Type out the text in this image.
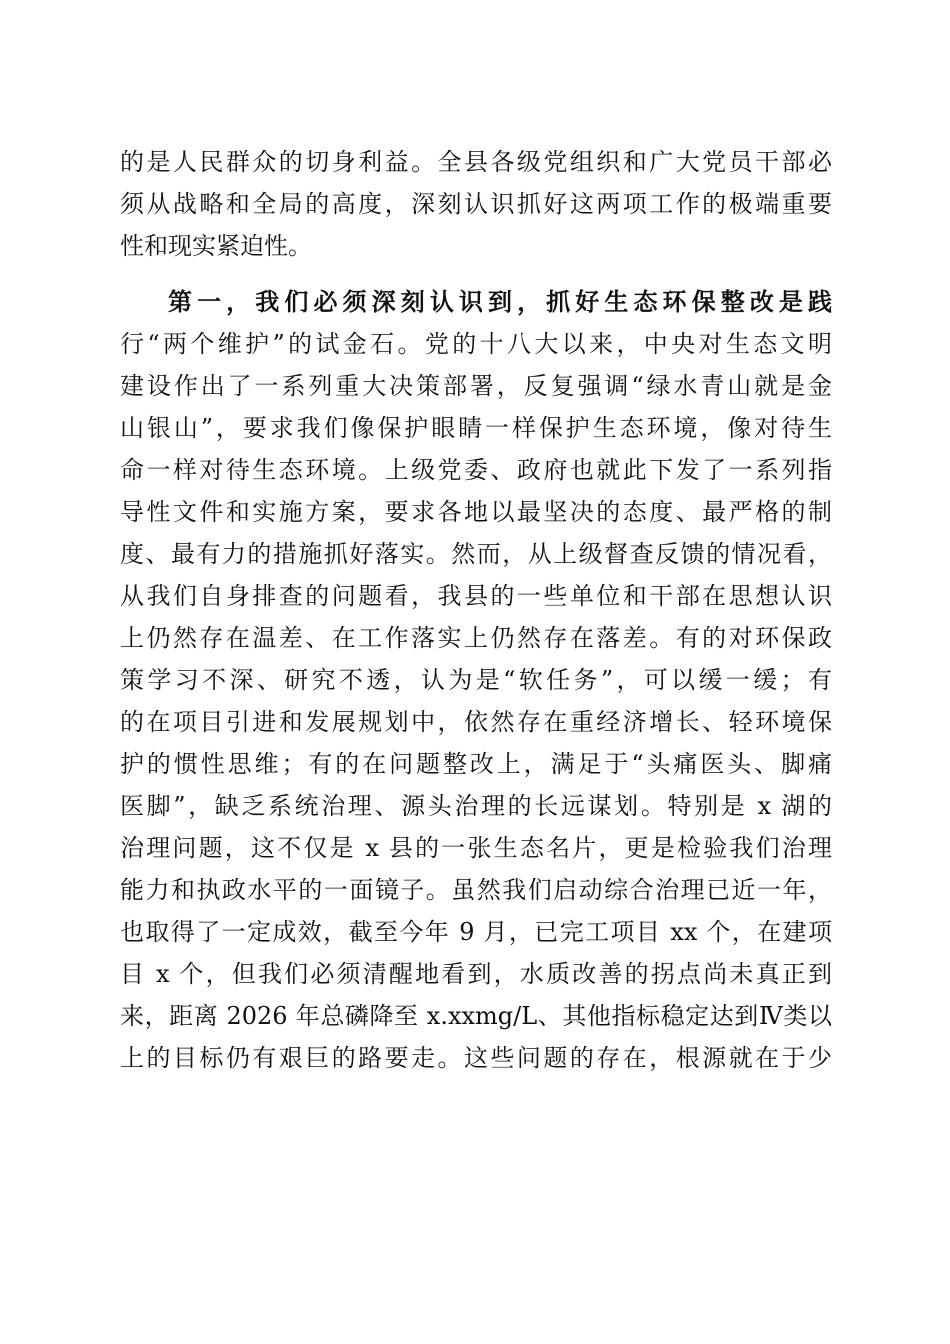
的是人民群众的切身利益。全县各级党组织和广大党员干部必
须从战略和全局的高度，深刻认识抓好这两项工作的极端重要
性和现实紧迫性。
第一，我们必须深刻认识到，抓好生态环保整改是践
行“两个维护”的试金石。党的十八大以来，中央对生态文明
建设作出了一系列重大决策部署，反复强调“绿水青山就是金
山银山”，要求我们像保护眼睛一样保护生态环境，像对待生
命一样对待生态环境。上级党委、政府也就此下发了一系列指
导性文件和实施方案，要求各地以最坚决的态度、最严格的制
度、最有力的措施抓好落实。然而，从上级督查反馈的情况看，
从我们自身排查的问题看，我县的一些单位和干部在思想认识
上仍然存在温差、在工作落实上仍然存在落差。有的对环保政
策学习不深、研究不透，认为是“软任务”，可以缓一缓；有
的在项目引进和发展规划中，依然存在重经济增长、轻环境保
护的惯性思维；有的在问题整改上，满足于“头痛医头、脚痛
医脚”，缺乏系统治理、源头治理的长远谋划。特别是 x 湖的
治理问题，这不仅是 x 县的一张生态名片，更是检验我们治理
能力和执政水平的一面镜子。虽然我们启动综合治理已近一年，
也取得了一定成效，截至今年 9 月，已完工项目 xx 个，在建项
目 x 个，但我们必须清醒地看到，水质改善的拐点尚未真正到
来，距离 2026 年总磷降至 x.xxmg/L、其他指标稳定达到Ⅳ类以
上的目标仍有艰巨的路要走。这些问题的存在，根源就在于少
